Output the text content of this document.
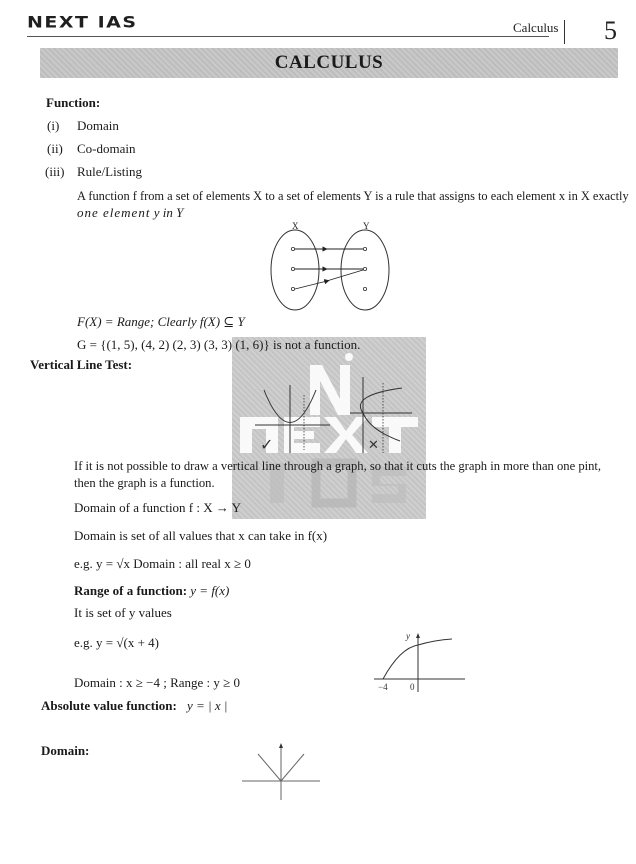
NEXT IAS	Calculus 5
CALCULUS
Function:
(i) Domain
(ii) Co-domain
(iii) Rule/Listing
A function f from a set of elements X to a set of elements Y is a rule that assigns to each element x in X exactly
one element y in Y
X	Y
F(X) = Range; Clearly f(X) ⊆ Y
G = {(1, 5), (4, 2) (2, 3) (3, 3) (1, 6)} is not a function.
Vertical Line Test:
✓	✕
If it is not possible to draw a vertical line through a graph, so that it cuts the graph in more than one pint,
then the graph is a function.
Domain of a function f : X → Y
Domain is set of all values that x can take in f(x)
e.g. y = √x Domain : all real x ≥ 0
Range of a function: y = f(x)
It is set of y values
e.g. y = √(x + 4)
Domain : x ≥ −4 ; Range : y ≥ 0
y
−4 0
Absolute value function: y = | x |
Domain:
